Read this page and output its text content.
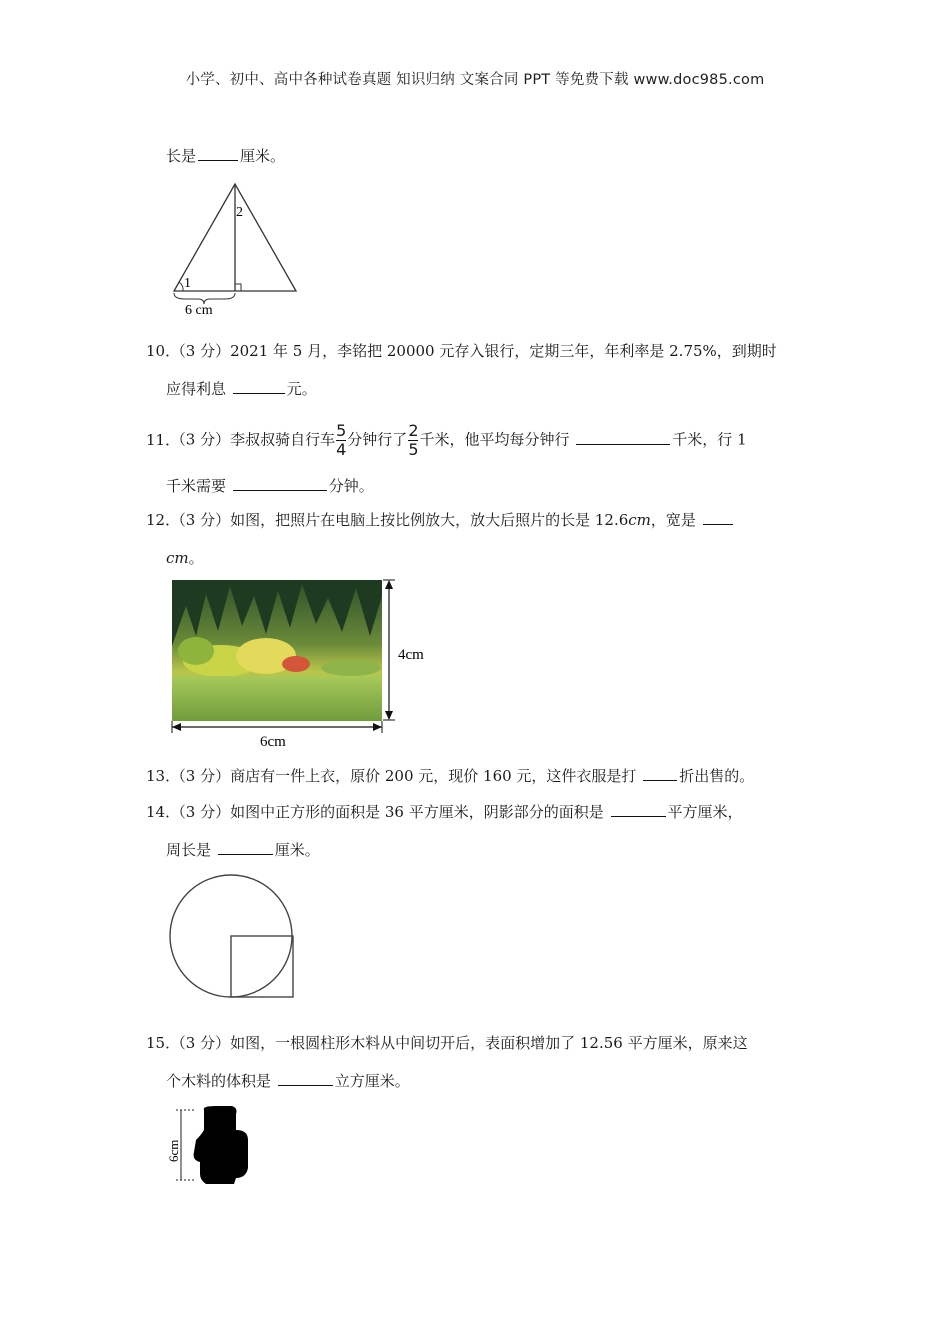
小学、初中、高中各种试卷真题 知识归纳 文案合同 PPT 等免费下载 www.doc985.com
长是	厘米。
1
2
6 cm
10． （3 分）2021 年 5 月，李铭把 20000 元存入银行，定期三年，年利率是 2.75%，到期时
应得利息	元。
11． （3 分）李叔叔骑自行车 $\frac{5}{4}$ 分钟行了 $\frac{2}{5}$ 千米，他平均每分钟行	千米，行 1
千米需要	分钟。
12． （3 分）如图，把照片在电脑上按比例放大，放大后照片的长是 12.6cm，宽是
cm。
4cm
6cm
13． （3 分）商店有一件上衣，原价 200 元，现价 160 元，这件衣服是打	折出售的。
14． （3 分）如图中正方形的面积是 36 平方厘米，阴影部分的面积是	平方厘米，
周长是	厘米。
15． （3 分）如图，一根圆柱形木料从中间切开后，表面积增加了 12.56 平方厘米，原来这
个木料的体积是	立方厘米。
6cm
